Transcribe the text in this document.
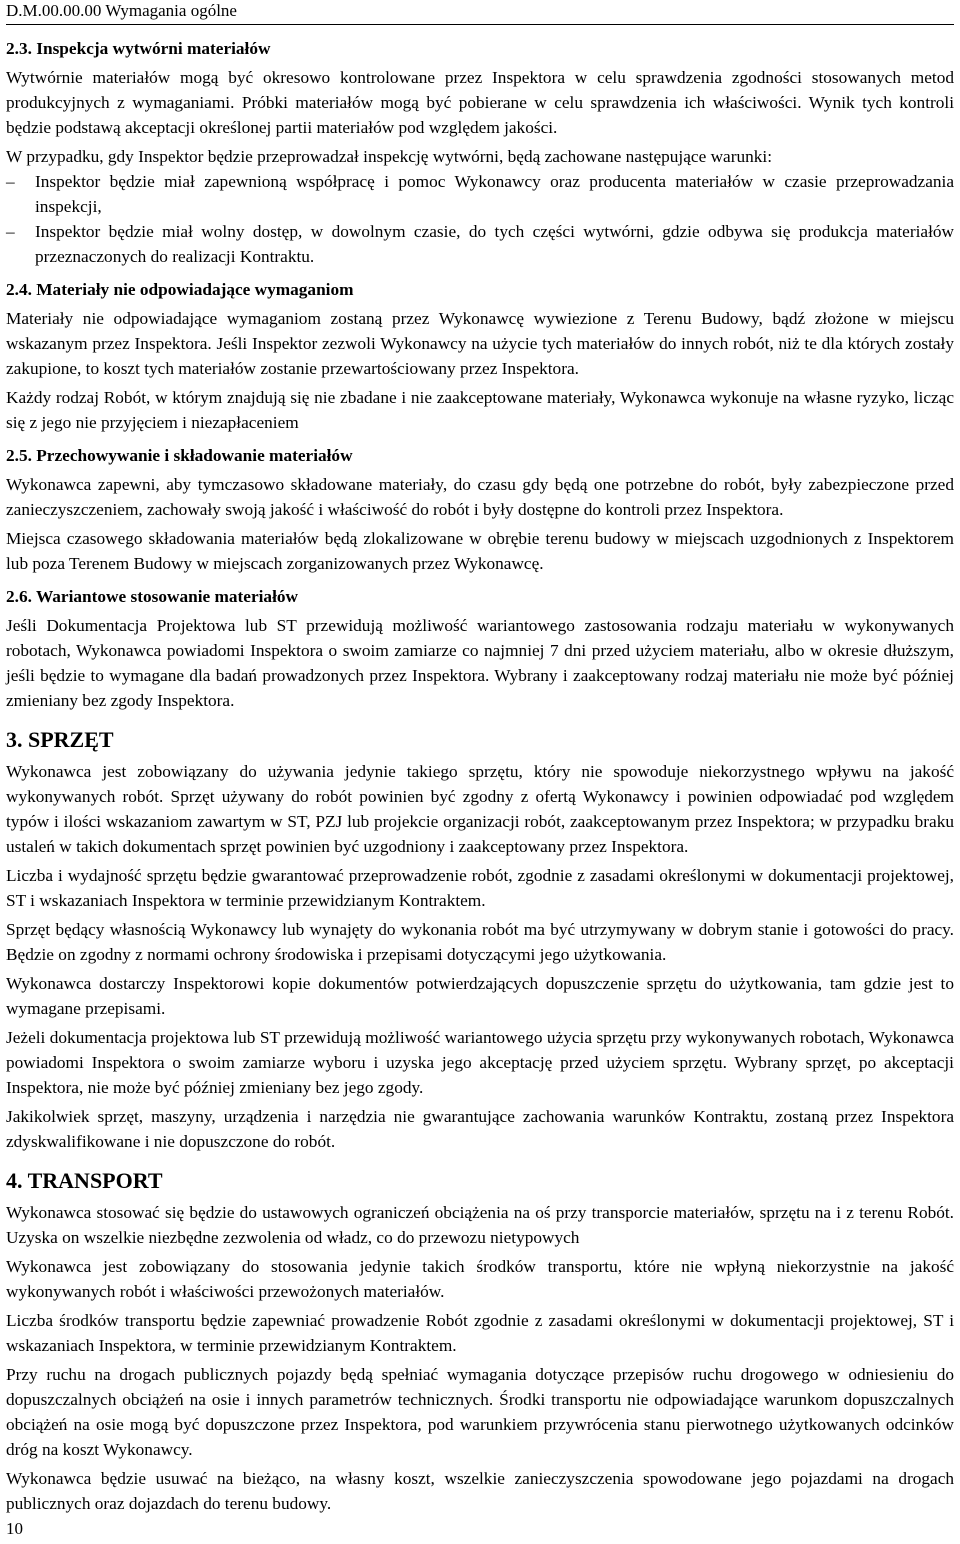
D.M.00.00.00 Wymagania ogólne
2.3. Inspekcja wytwórni materiałów

Wytwórnie materiałów mogą być okresowo kontrolowane przez Inspektora w celu sprawdzenia zgodności stosowanych metod produkcyjnych z wymaganiami. Próbki materiałów mogą być pobierane w celu sprawdzenia ich właściwości. Wynik tych kontroli będzie podstawą akceptacji określonej partii materiałów pod względem jakości.

W przypadku, gdy Inspektor będzie przeprowadzał inspekcję wytwórni, będą zachowane następujące warunki:

– Inspektor będzie miał zapewnioną współpracę i pomoc Wykonawcy oraz producenta materiałów w czasie przeprowadzania inspekcji,
– Inspektor będzie miał wolny dostęp, w dowolnym czasie, do tych części wytwórni, gdzie odbywa się produkcja materiałów przeznaczonych do realizacji Kontraktu.
2.4. Materiały nie odpowiadające wymaganiom

Materiały nie odpowiadające wymaganiom zostaną przez Wykonawcę wywiezione z Terenu Budowy, bądź złożone w miejscu wskazanym przez Inspektora. Jeśli Inspektor zezwoli Wykonawcy na użycie tych materiałów do innych robót, niż te dla których zostały zakupione, to koszt tych materiałów zostanie przewartościowany przez Inspektora.

Każdy rodzaj Robót, w którym znajdują się nie zbadane i nie zaakceptowane materiały, Wykonawca wykonuje na własne ryzyko, licząc się z jego nie przyjęciem i niezapłaceniem

2.5. Przechowywanie i składowanie materiałów

Wykonawca zapewni, aby tymczasowo składowane materiały, do czasu gdy będą one potrzebne do robót, były zabezpieczone przed zanieczyszczeniem, zachowały swoją jakość i właściwość do robót i były dostępne do kontroli przez Inspektora.

Miejsca czasowego składowania materiałów będą zlokalizowane w obrębie terenu budowy w miejscach uzgodnionych z Inspektorem lub poza Terenem Budowy w miejscach zorganizowanych przez Wykonawcę.

2.6. Wariantowe stosowanie materiałów

Jeśli Dokumentacja Projektowa lub ST przewidują możliwość wariantowego zastosowania rodzaju materiału w wykonywanych robotach, Wykonawca powiadomi Inspektora o swoim zamiarze co najmniej 7 dni przed użyciem materiału, albo w okresie dłuższym, jeśli będzie to wymagane dla badań prowadzonych przez Inspektora. Wybrany i zaakceptowany rodzaj materiału nie może być później zmieniany bez zgody Inspektora.

3. SPRZĘT

Wykonawca jest zobowiązany do używania jedynie takiego sprzętu, który nie spowoduje niekorzystnego wpływu na jakość wykonywanych robót. Sprzęt używany do robót powinien być zgodny z ofertą Wykonawcy i powinien odpowiadać pod względem typów i ilości wskazaniom zawartym w ST, PZJ lub projekcie organizacji robót, zaakceptowanym przez Inspektora; w przypadku braku ustaleń w takich dokumentach sprzęt powinien być uzgodniony i zaakceptowany przez Inspektora.

Liczba i wydajność sprzętu będzie gwarantować przeprowadzenie robót, zgodnie z zasadami określonymi w dokumentacji projektowej, ST i wskazaniach Inspektora w terminie przewidzianym Kontraktem.

Sprzęt będący własnością Wykonawcy lub wynajęty do wykonania robót ma być utrzymywany w dobrym stanie i gotowości do pracy. Będzie on zgodny z normami ochrony środowiska i przepisami dotyczącymi jego użytkowania.

Wykonawca dostarczy Inspektorowi kopie dokumentów potwierdzających dopuszczenie sprzętu do użytkowania, tam gdzie jest to wymagane przepisami.

Jeżeli dokumentacja projektowa lub ST przewidują możliwość wariantowego użycia sprzętu przy wykonywanych robotach, Wykonawca powiadomi Inspektora o swoim zamiarze wyboru i uzyska jego akceptację przed użyciem sprzętu. Wybrany sprzęt, po akceptacji Inspektora, nie może być później zmieniany bez jego zgody.

Jakikolwiek sprzęt, maszyny, urządzenia i narzędzia nie gwarantujące zachowania warunków Kontraktu, zostaną przez Inspektora zdyskwalifikowane i nie dopuszczone do robót.

4. TRANSPORT

Wykonawca stosować się będzie do ustawowych ograniczeń obciążenia na oś przy transporcie materiałów, sprzętu na i z terenu Robót. Uzyska on wszelkie niezbędne zezwolenia od władz, co do przewozu nietypowych

Wykonawca jest zobowiązany do stosowania jedynie takich środków transportu, które nie wpłyną niekorzystnie na jakość wykonywanych robót i właściwości przewożonych materiałów.

Liczba środków transportu będzie zapewniać prowadzenie Robót zgodnie z zasadami określonymi w dokumentacji projektowej, ST i wskazaniach Inspektora, w terminie przewidzianym Kontraktem.

Przy ruchu na drogach publicznych pojazdy będą spełniać wymagania dotyczące przepisów ruchu drogowego w odniesieniu do dopuszczalnych obciążeń na osie i innych parametrów technicznych. Środki transportu nie odpowiadające warunkom dopuszczalnych obciążeń na osie mogą być dopuszczone przez Inspektora, pod warunkiem przywrócenia stanu pierwotnego użytkowanych odcinków dróg na koszt Wykonawcy.

Wykonawca będzie usuwać na bieżąco, na własny koszt, wszelkie zanieczyszczenia spowodowane jego pojazdami na drogach publicznych oraz dojazdach do terenu budowy.

10
